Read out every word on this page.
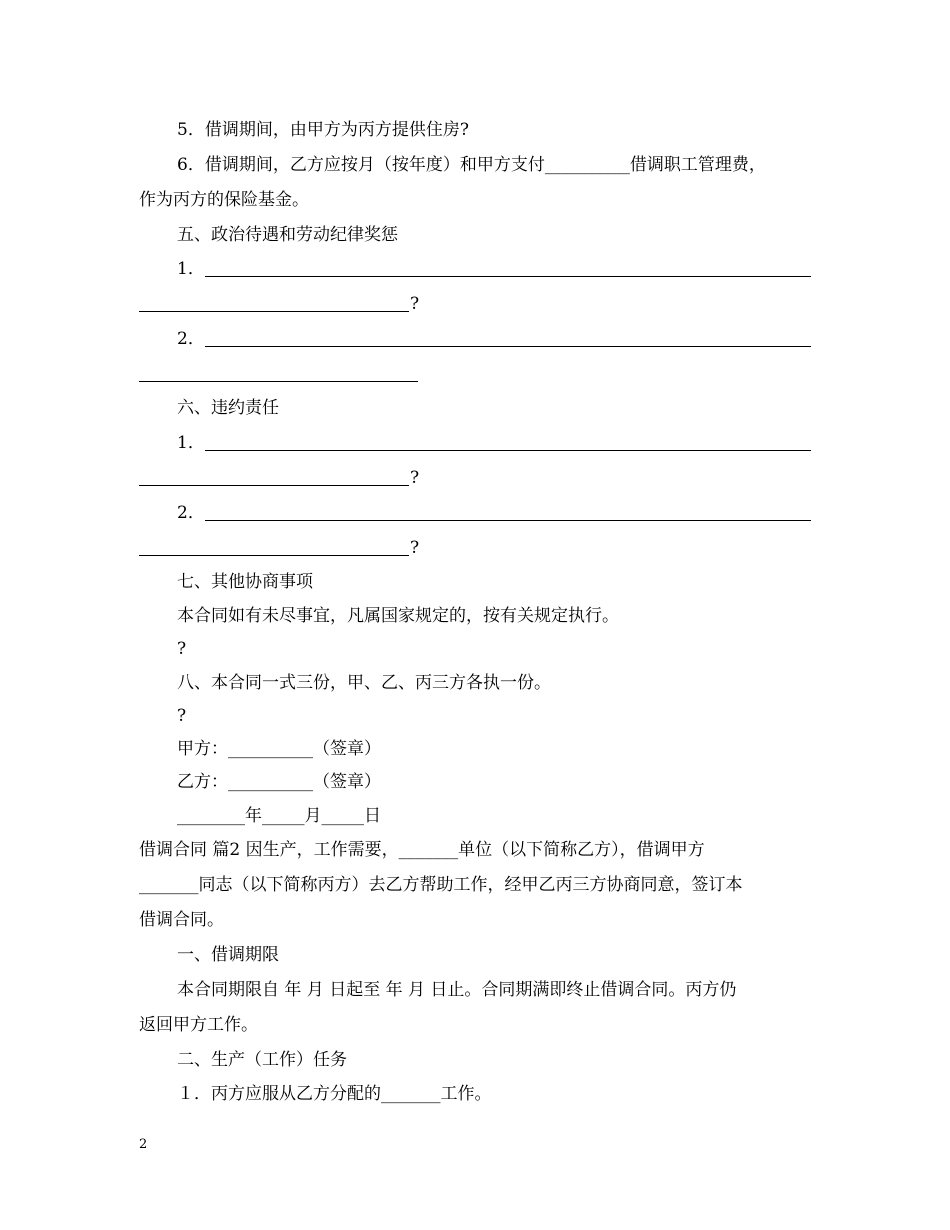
5．借调期间，由甲方为丙方提供住房?
6．借调期间，乙方应按月（按年度）和甲方支付__________借调职工管理费，
作为丙方的保险基金。
五、政治待遇和劳动纪律奖惩
1．
?
2．
六、违约责任
1．
?
2．
?
七、其他协商事项
本合同如有未尽事宜，凡属国家规定的，按有关规定执行。
?
八、本合同一式三份，甲、乙、丙三方各执一份。
?
甲方：__________（签章）
乙方：__________（签章）
________年_____月_____日
借调合同 篇2 因生产，工作需要，_______单位（以下简称乙方），借调甲方
_______同志（以下简称丙方）去乙方帮助工作，经甲乙丙三方协商同意，签订本
借调合同。
一、借调期限
本合同期限自 年 月 日起至 年 月 日止。合同期满即终止借调合同。丙方仍
返回甲方工作。
二、生产（工作）任务
１．丙方应服从乙方分配的_______工作。
2
